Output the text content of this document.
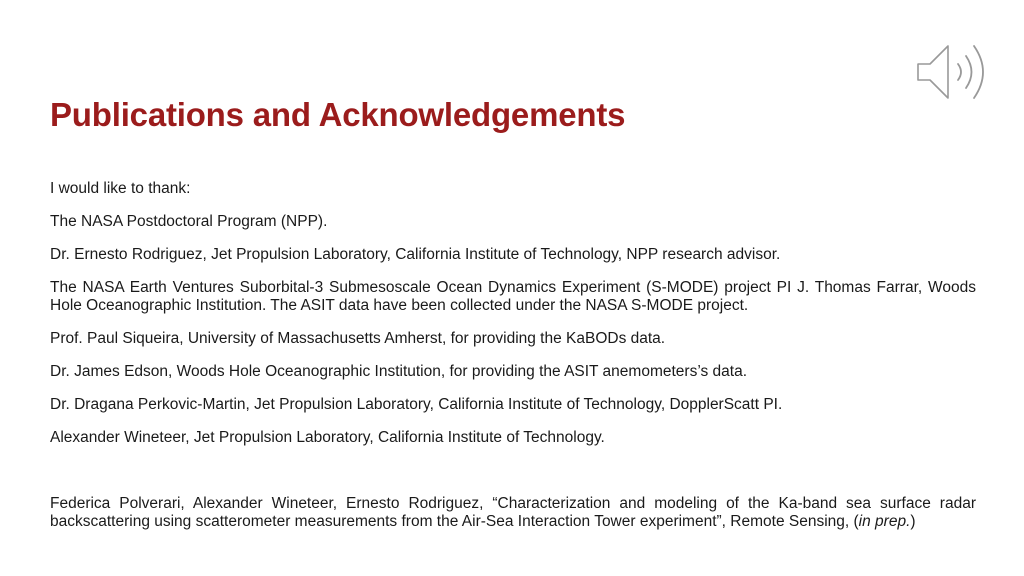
Publications and Acknowledgements

I would like to thank:

The NASA Postdoctoral Program (NPP).

Dr. Ernesto Rodriguez, Jet Propulsion Laboratory, California Institute of Technology, NPP research advisor.

The NASA Earth Ventures Suborbital-3 Submesoscale Ocean Dynamics Experiment (S-MODE) project PI J. Thomas Farrar, Woods Hole Oceanographic Institution. The ASIT data have been collected under the NASA S-MODE project.

Prof. Paul Siqueira, University of Massachusetts Amherst, for providing the KaBODs data.

Dr. James Edson, Woods Hole Oceanographic Institution, for providing the ASIT anemometers’s data.

Dr. Dragana Perkovic-Martin, Jet Propulsion Laboratory, California Institute of Technology, DopplerScatt PI.

Alexander Wineteer, Jet Propulsion Laboratory, California Institute of Technology.

Federica Polverari, Alexander Wineteer, Ernesto Rodriguez, “Characterization and modeling of the Ka-band sea surface radar backscattering using scatterometer measurements from the Air-Sea Interaction Tower experiment”, Remote Sensing, (in prep.)
